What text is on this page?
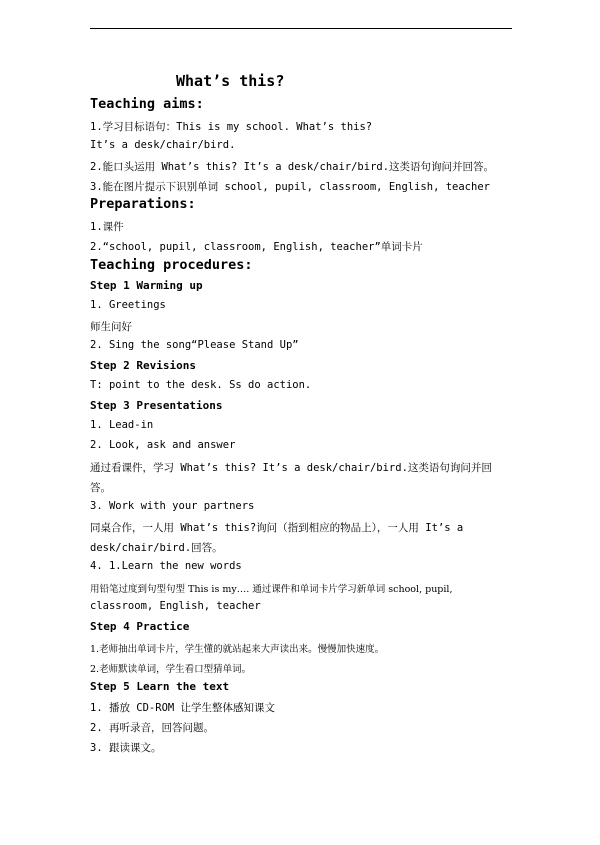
What’s this?
Teaching aims:
1.学习目标语句：This is my school. What’s this?
It’s a desk/chair/bird.
2.能口头运用 What’s this? It’s a desk/chair/bird.这类语句询问并回答。
3.能在图片提示下识别单词 school, pupil, classroom, English, teacher
Preparations:
1.课件
2.“school, pupil, classroom, English, teacher”单词卡片
Teaching procedures:
Step 1 Warming up
1. Greetings
师生问好
2. Sing the song“Please Stand Up”
Step 2 Revisions
T: point to the desk. Ss do action.
Step 3 Presentations
1. Lead-in
2. Look, ask and answer
通过看课件，学习 What’s this? It’s a desk/chair/bird.这类语句询问并回
答。
3. Work with your partners
同桌合作，一人用 What’s this?询问（指到相应的物品上），一人用 It’s a
desk/chair/bird.回答。
4. 1.Learn the new words
用铅笔过度到句型句型 This is my…. 通过课件和单词卡片学习新单词 school, pupil,
classroom, English, teacher
Step 4 Practice
1.老师抽出单词卡片，学生懂的就站起来大声读出来。慢慢加快速度。
2.老师默读单词，学生看口型猜单词。
Step 5 Learn the text
1. 播放 CD-ROM 让学生整体感知课文
2. 再听录音，回答问题。
3. 跟读课文。
